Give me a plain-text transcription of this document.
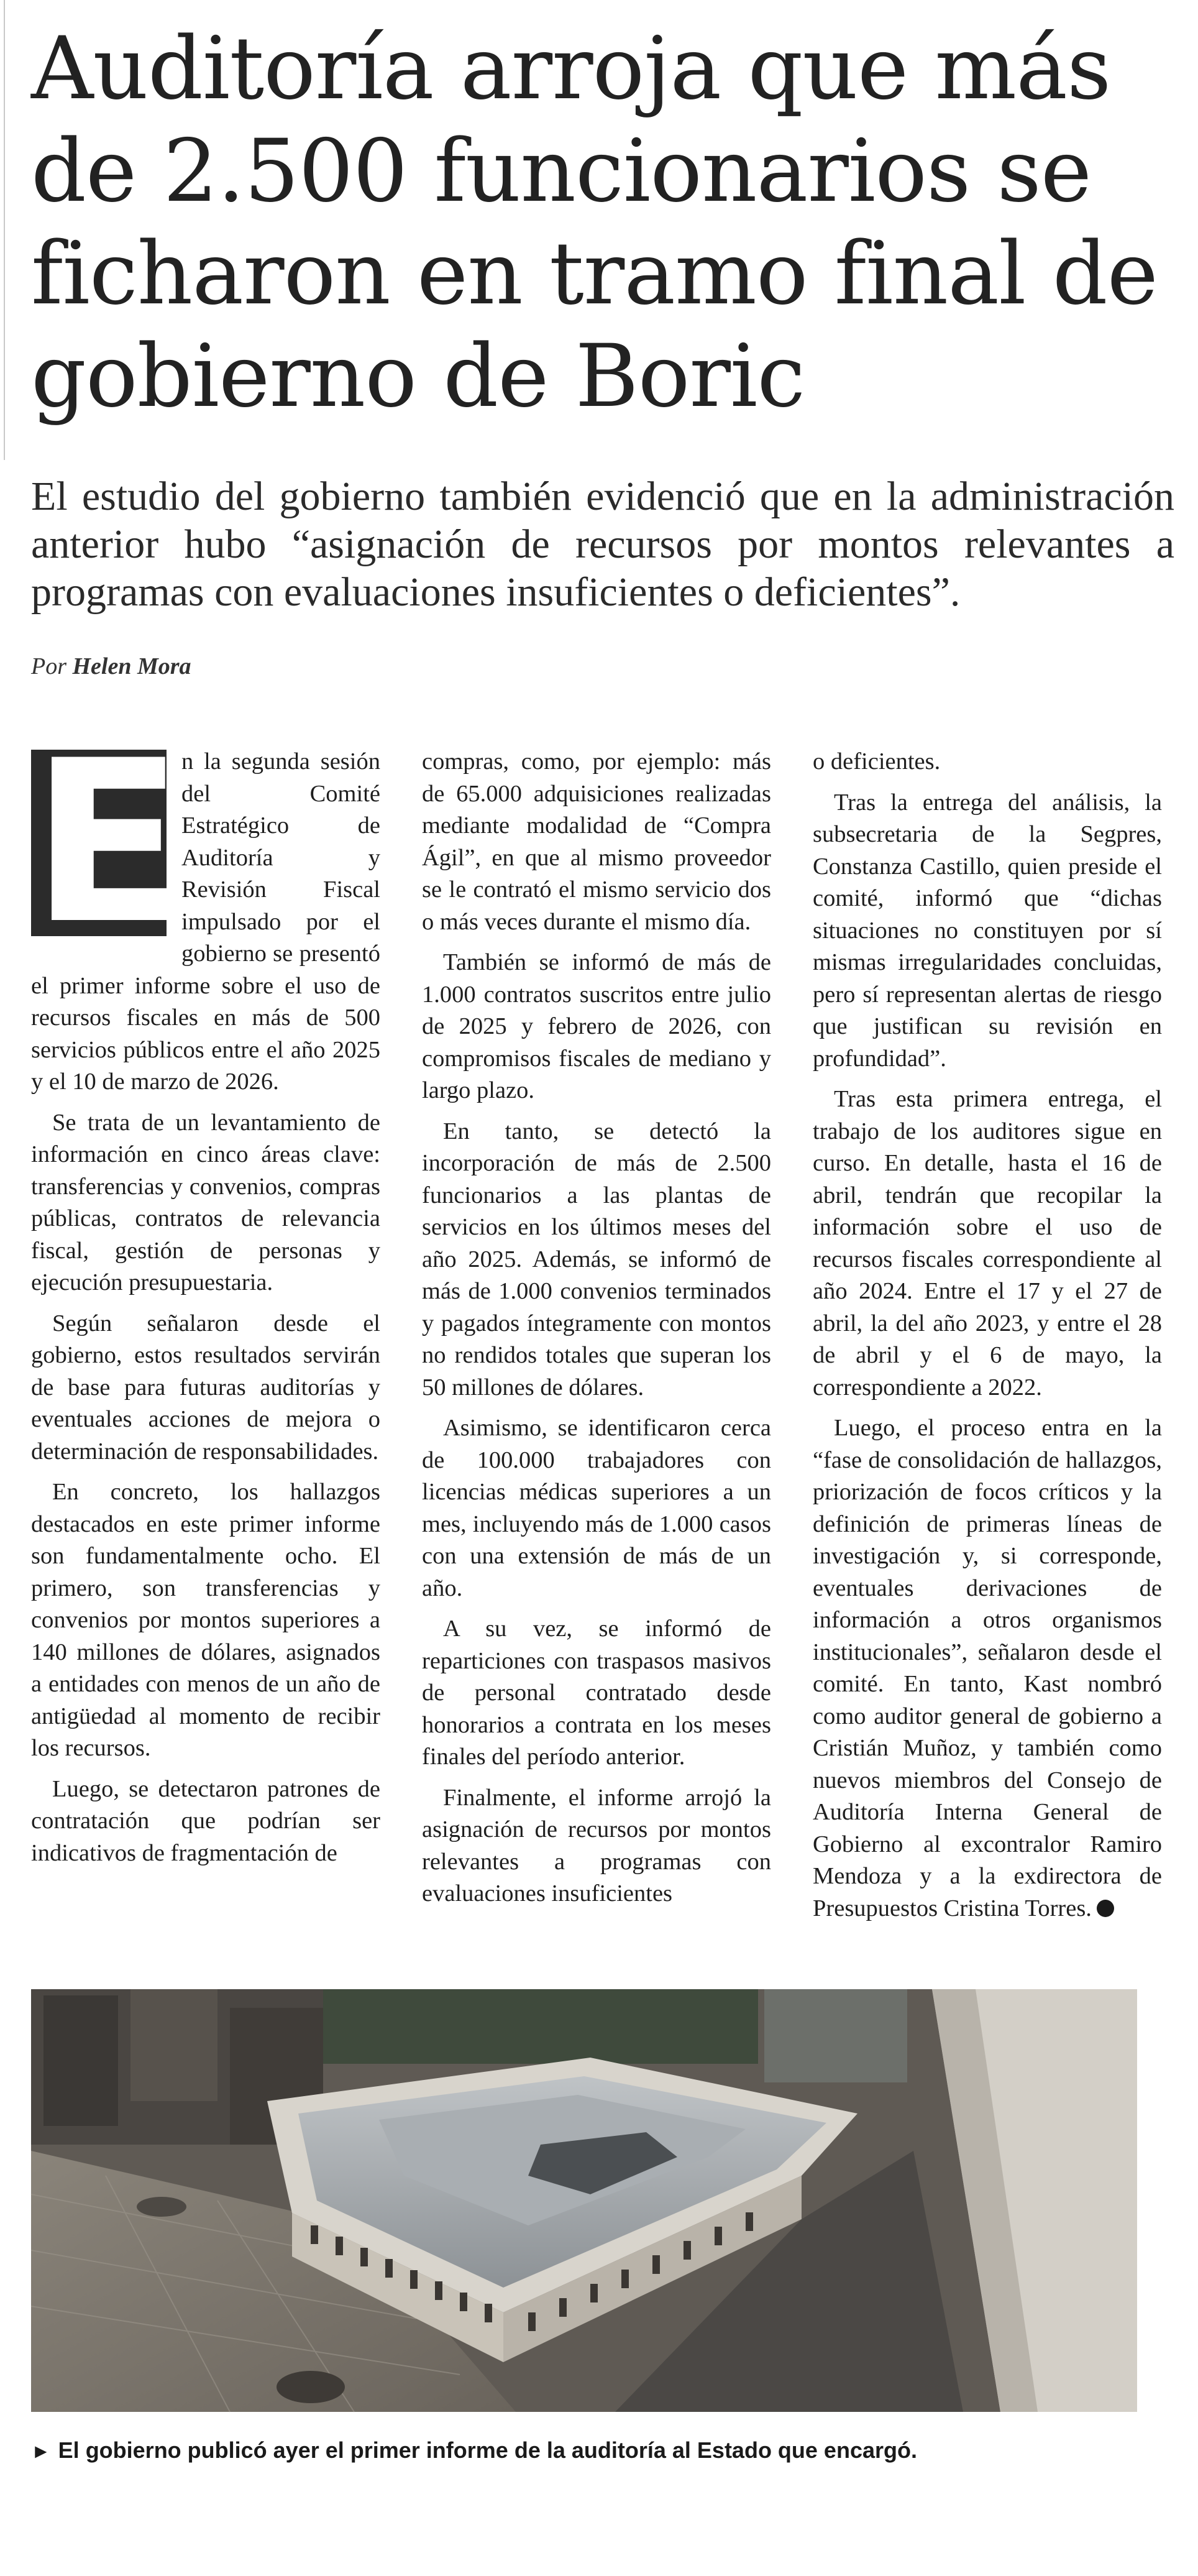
Auditoría arroja que más de 2.500 funcionarios se ficharon en tramo final de gobierno de Boric

El estudio del gobierno también evidenció que en la administración anterior hubo “asignación de recursos por montos relevantes a programas con evaluaciones insuficientes o deficientes”.

Por Helen Mora

E
n la segunda sesión del Comité Estratégico de Auditoría y Revisión Fiscal impulsado por el gobierno se presentó el primer informe sobre el uso de recursos fiscales en más de 500 servicios públicos entre el año 2025 y el 10 de marzo de 2026.

Se trata de un levantamiento de información en cinco áreas clave: transferencias y convenios, compras públicas, contratos de relevancia fiscal, gestión de personas y ejecución presupuestaria.

Según señalaron desde el gobierno, estos resultados servirán de base para futuras auditorías y eventuales acciones de mejora o determinación de responsabilidades.

En concreto, los hallazgos destacados en este primer informe son fundamentalmente ocho. El primero, son transferencias y convenios por montos superiores a 140 millones de dólares, asignados a entidades con menos de un año de antigüedad al momento de recibir los recursos.

Luego, se detectaron patrones de contratación que podrían ser indicativos de fragmentación de

compras, como, por ejemplo: más de 65.000 adquisiciones realizadas mediante modalidad de “Compra Ágil”, en que al mismo proveedor se le contrató el mismo servicio dos o más veces durante el mismo día.

También se informó de más de 1.000 contratos suscritos entre julio de 2025 y febrero de 2026, con compromisos fiscales de mediano y largo plazo.

En tanto, se detectó la incorporación de más de 2.500 funcionarios a las plantas de servicios en los últimos meses del año 2025. Además, se informó de más de 1.000 convenios terminados y pagados íntegramente con montos no rendidos totales que superan los 50 millones de dólares.

Asimismo, se identificaron cerca de 100.000 trabajadores con licencias médicas superiores a un mes, incluyendo más de 1.000 casos con una extensión de más de un año.

A su vez, se informó de reparticiones con traspasos masivos de personal contratado desde honorarios a contrata en los meses finales del período anterior.

Finalmente, el informe arrojó la asignación de recursos por montos relevantes a programas con evaluaciones insuficientes

o deficientes.

Tras la entrega del análisis, la subsecretaria de la Segpres, Constanza Castillo, quien preside el comité, informó que “dichas situaciones no constituyen por sí mismas irregularidades concluidas, pero sí representan alertas de riesgo que justifican su revisión en profundidad”.

Tras esta primera entrega, el trabajo de los auditores sigue en curso. En detalle, hasta el 16 de abril, tendrán que recopilar la información sobre el uso de recursos fiscales correspondiente al año 2024. Entre el 17 y el 27 de abril, la del año 2023, y entre el 28 de abril y el 6 de mayo, la correspondiente a 2022.

Luego, el proceso entra en la “fase de consolidación de hallazgos, priorización de focos críticos y la definición de primeras líneas de investigación y, si corresponde, eventuales derivaciones de información a otros organismos institucionales”, señalaron desde el comité. En tanto, Kast nombró como auditor general de gobierno a Cristián Muñoz, y también como nuevos miembros del Consejo de Auditoría Interna General de Gobierno al excontralor Ramiro Mendoza y a la exdirectora de Presupuestos Cristina Torres.

► El gobierno publicó ayer el primer informe de la auditoría al Estado que encargó.
